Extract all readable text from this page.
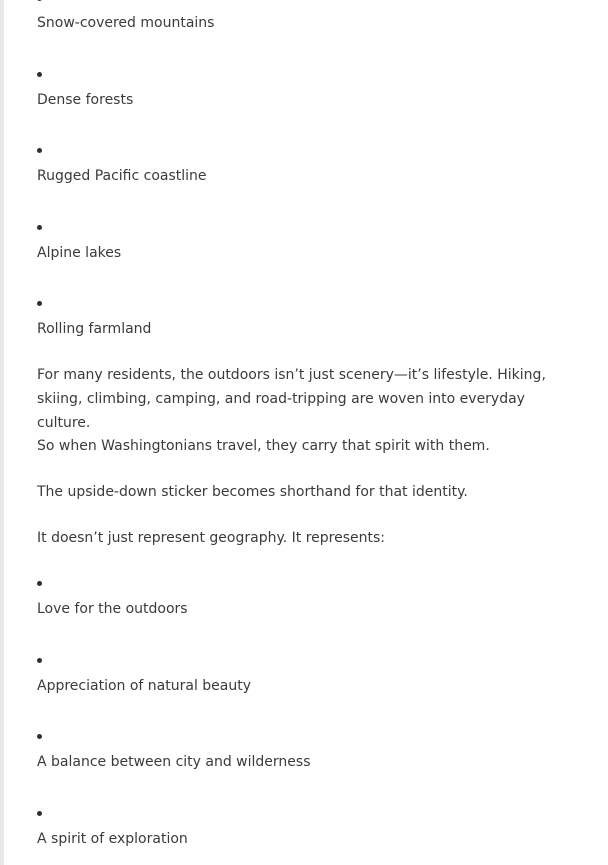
Snow-covered mountains
Dense forests
Rugged Pacific coastline
Alpine lakes
Rolling farmland
For many residents, the outdoors isn’t just scenery—it’s lifestyle. Hiking, skiing, climbing, camping, and road-tripping are woven into everyday culture.
So when Washingtonians travel, they carry that spirit with them.
The upside-down sticker becomes shorthand for that identity.
It doesn’t just represent geography. It represents:
Love for the outdoors
Appreciation of natural beauty
A balance between city and wilderness
A spirit of exploration
